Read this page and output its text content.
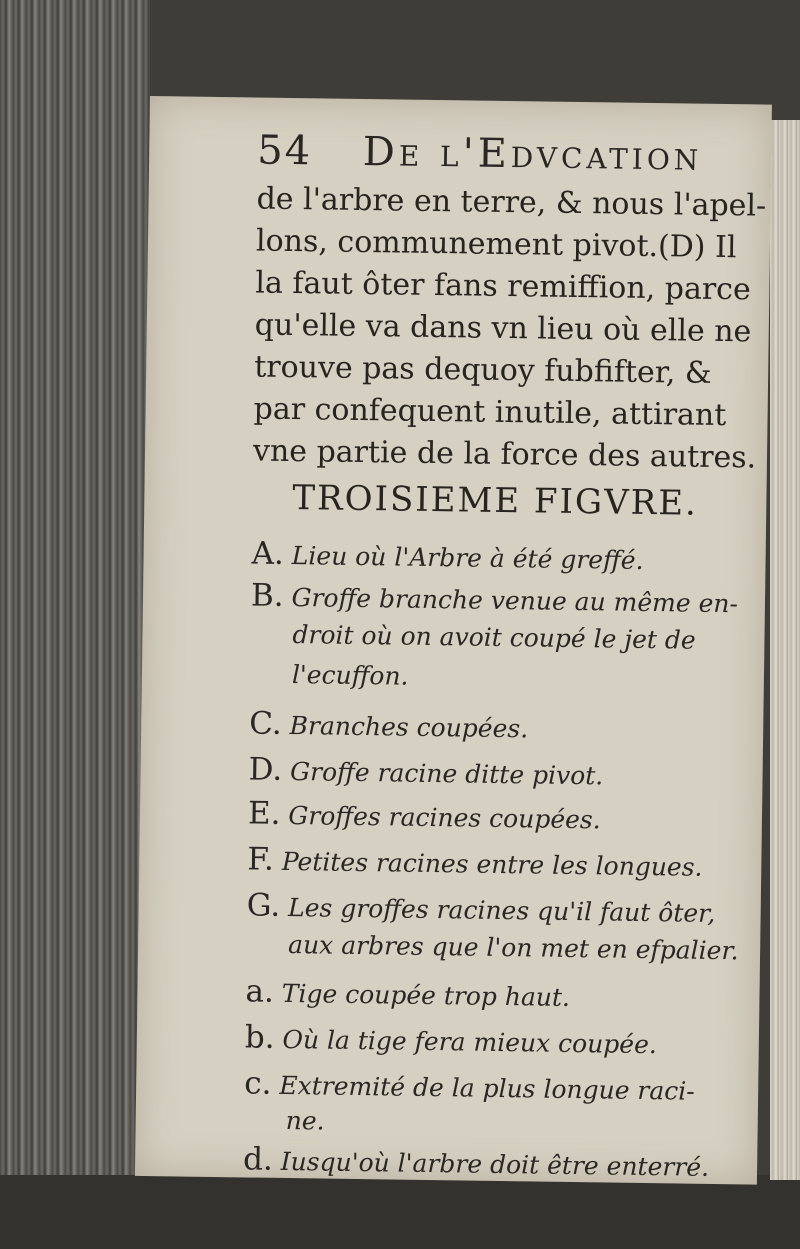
54 De l'Edvcation
de l'arbre en terre, & nous l'apel-
lons, communement pivot.(D) Il
la faut ôter fans remiffion, parce
qu'elle va dans vn lieu où elle ne
trouve pas dequoy fubfifter, &
par confequent inutile, attirant
vne partie de la force des autres.
TROISIEME FIGVRE.
A. Lieu où l'Arbre à été greffé.
B. Groffe branche venue au même en-
droit où on avoit coupé le jet de
l'ecuffon.
C. Branches coupées.
D. Groffe racine ditte pivot.
E. Groffes racines coupées.
F. Petites racines entre les longues.
G. Les groffes racines qu'il faut ôter,
aux arbres que l'on met en efpalier.
a. Tige coupée trop haut.
b. Où la tige fera mieux coupée.
c. Extremité de la plus longue raci-
ne.
d. Iusqu'où l'arbre doit être enterré.
